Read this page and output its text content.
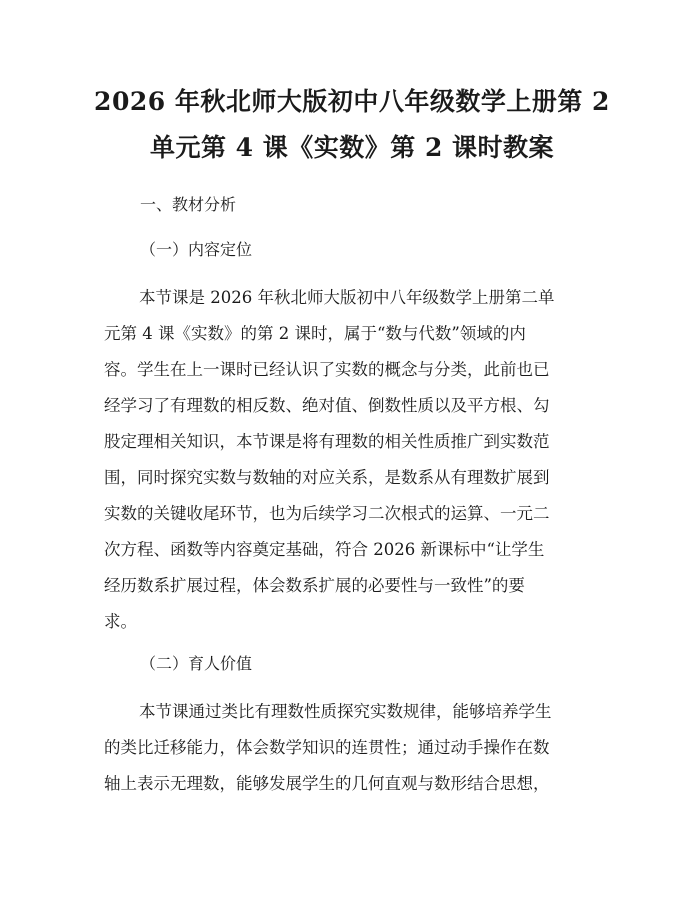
2026 年秋北师大版初中八年级数学上册第 2
单元第 4 课《实数》第 2 课时教案
一、教材分析
（一）内容定位
本节课是 2026 年秋北师大版初中八年级数学上册第二单
元第 4 课《实数》的第 2 课时，属于“数与代数”领域的内
容。学生在上一课时已经认识了实数的概念与分类，此前也已
经学习了有理数的相反数、绝对值、倒数性质以及平方根、勾
股定理相关知识，本节课是将有理数的相关性质推广到实数范
围，同时探究实数与数轴的对应关系，是数系从有理数扩展到
实数的关键收尾环节，也为后续学习二次根式的运算、一元二
次方程、函数等内容奠定基础，符合 2026 新课标中“让学生
经历数系扩展过程，体会数系扩展的必要性与一致性”的要
求。
（二）育人价值
本节课通过类比有理数性质探究实数规律，能够培养学生
的类比迁移能力，体会数学知识的连贯性；通过动手操作在数
轴上表示无理数，能够发展学生的几何直观与数形结合思想，
